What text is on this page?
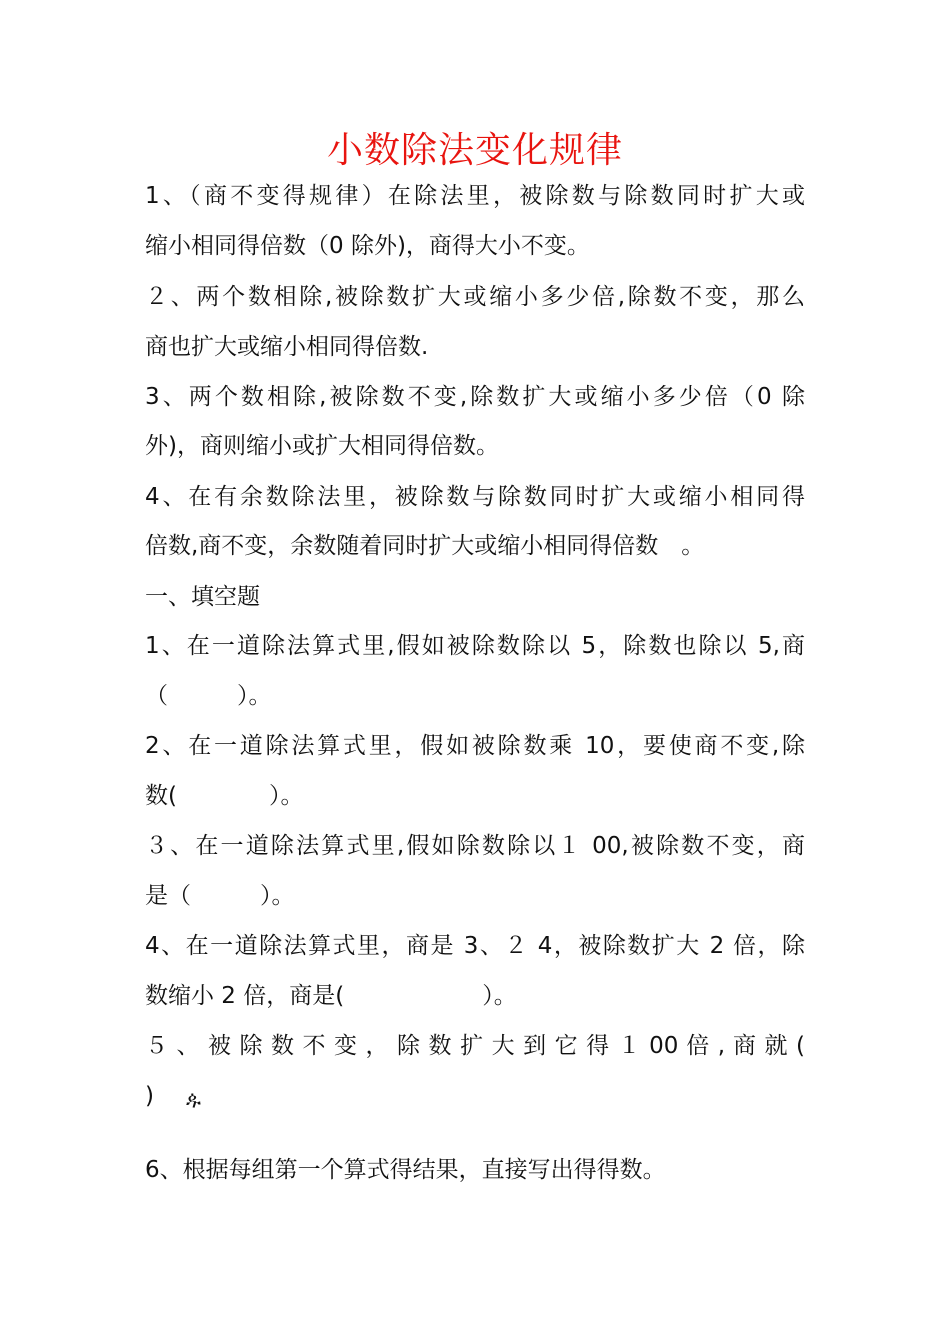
小数除法变化规律
1、（商不变得规律）在除法里，被除数与除数同时扩大或
缩小相同得倍数（0 除外)，商得大小不变。
２、两个数相除,被除数扩大或缩小多少倍,除数不变，那么
商也扩大或缩小相同得倍数.
3、两个数相除,被除数不变,除数扩大或缩小多少倍（0 除
外)，商则缩小或扩大相同得倍数。
4、在有余数除法里，被除数与除数同时扩大或缩小相同得
倍数,商不变，余数随着同时扩大或缩小相同得倍数　。
一、填空题
1、在一道除法算式里,假如被除数除以 5，除数也除以 5,商
（　　　）。
2、在一道除法算式里，假如被除数乘 10，要使商不变,除
数(　　　　）。
３、在一道除法算式里,假如除数除以１ 00,被除数不变，商
是（　　　）。
4、在一道除法算式里，商是 3、２ 4，被除数扩大 2 倍，除
数缩小 2 倍，商是(　　　　　　）。
５ 、 被 除 数 不 变 ， 除 数 扩 大 到 它 得 １ 00 倍 , 商 就 (
)	ዹ
6、根据每组第一个算式得结果，直接写出得得数。
